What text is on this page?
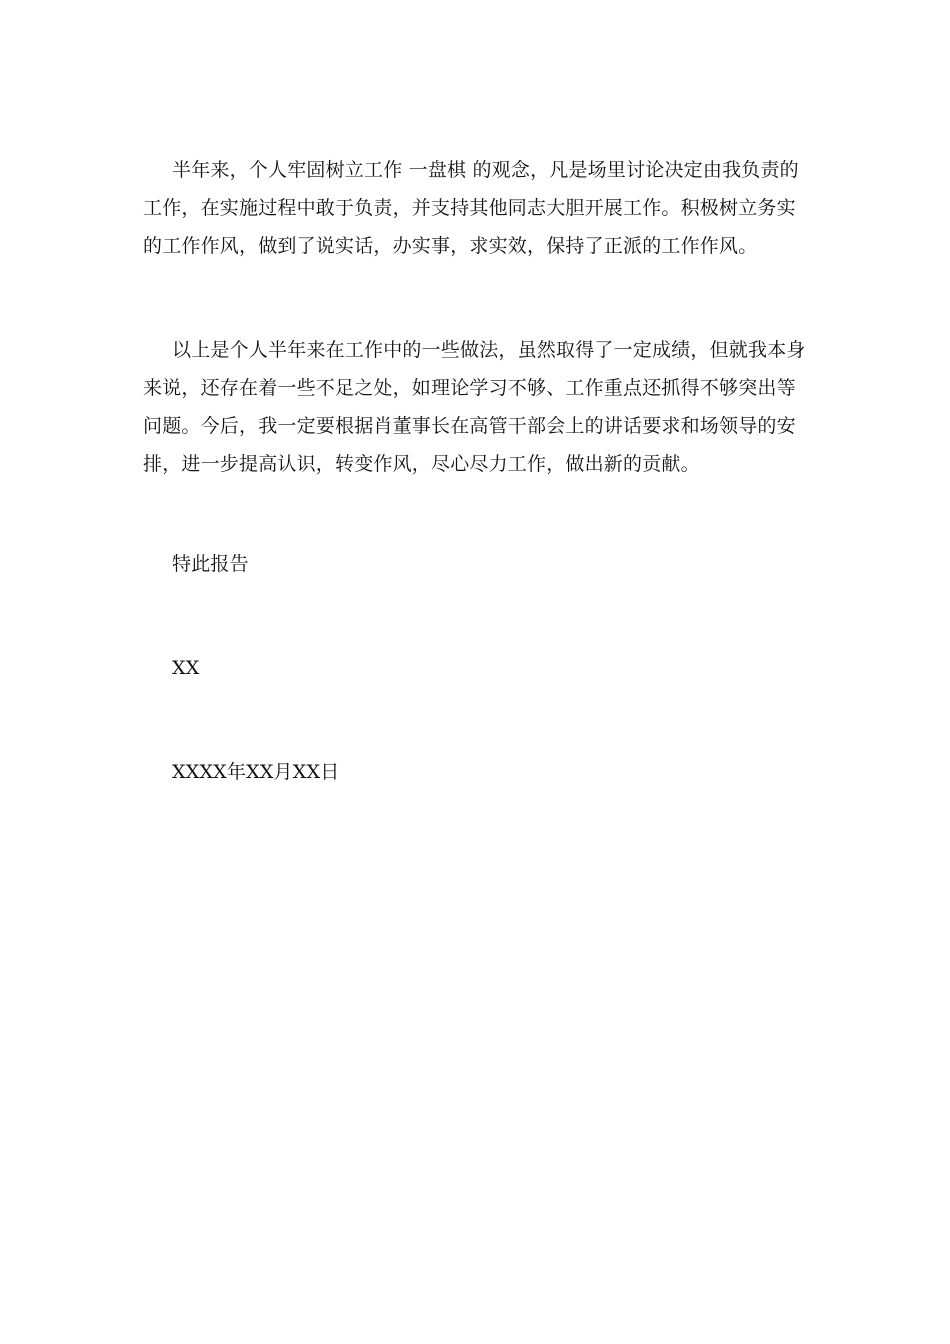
半年来，个人牢固树立工作 一盘棋 的观念，凡是场里讨论决定由我负责的
工作，在实施过程中敢于负责，并支持其他同志大胆开展工作。积极树立务实
的工作作风，做到了说实话，办实事，求实效，保持了正派的工作作风。
以上是个人半年来在工作中的一些做法，虽然取得了一定成绩，但就我本身
来说，还存在着一些不足之处，如理论学习不够、工作重点还抓得不够突出等
问题。今后，我一定要根据肖董事长在高管干部会上的讲话要求和场领导的安
排，进一步提高认识，转变作风，尽心尽力工作，做出新的贡献。
特此报告
XX
XXXX年XX月XX日
